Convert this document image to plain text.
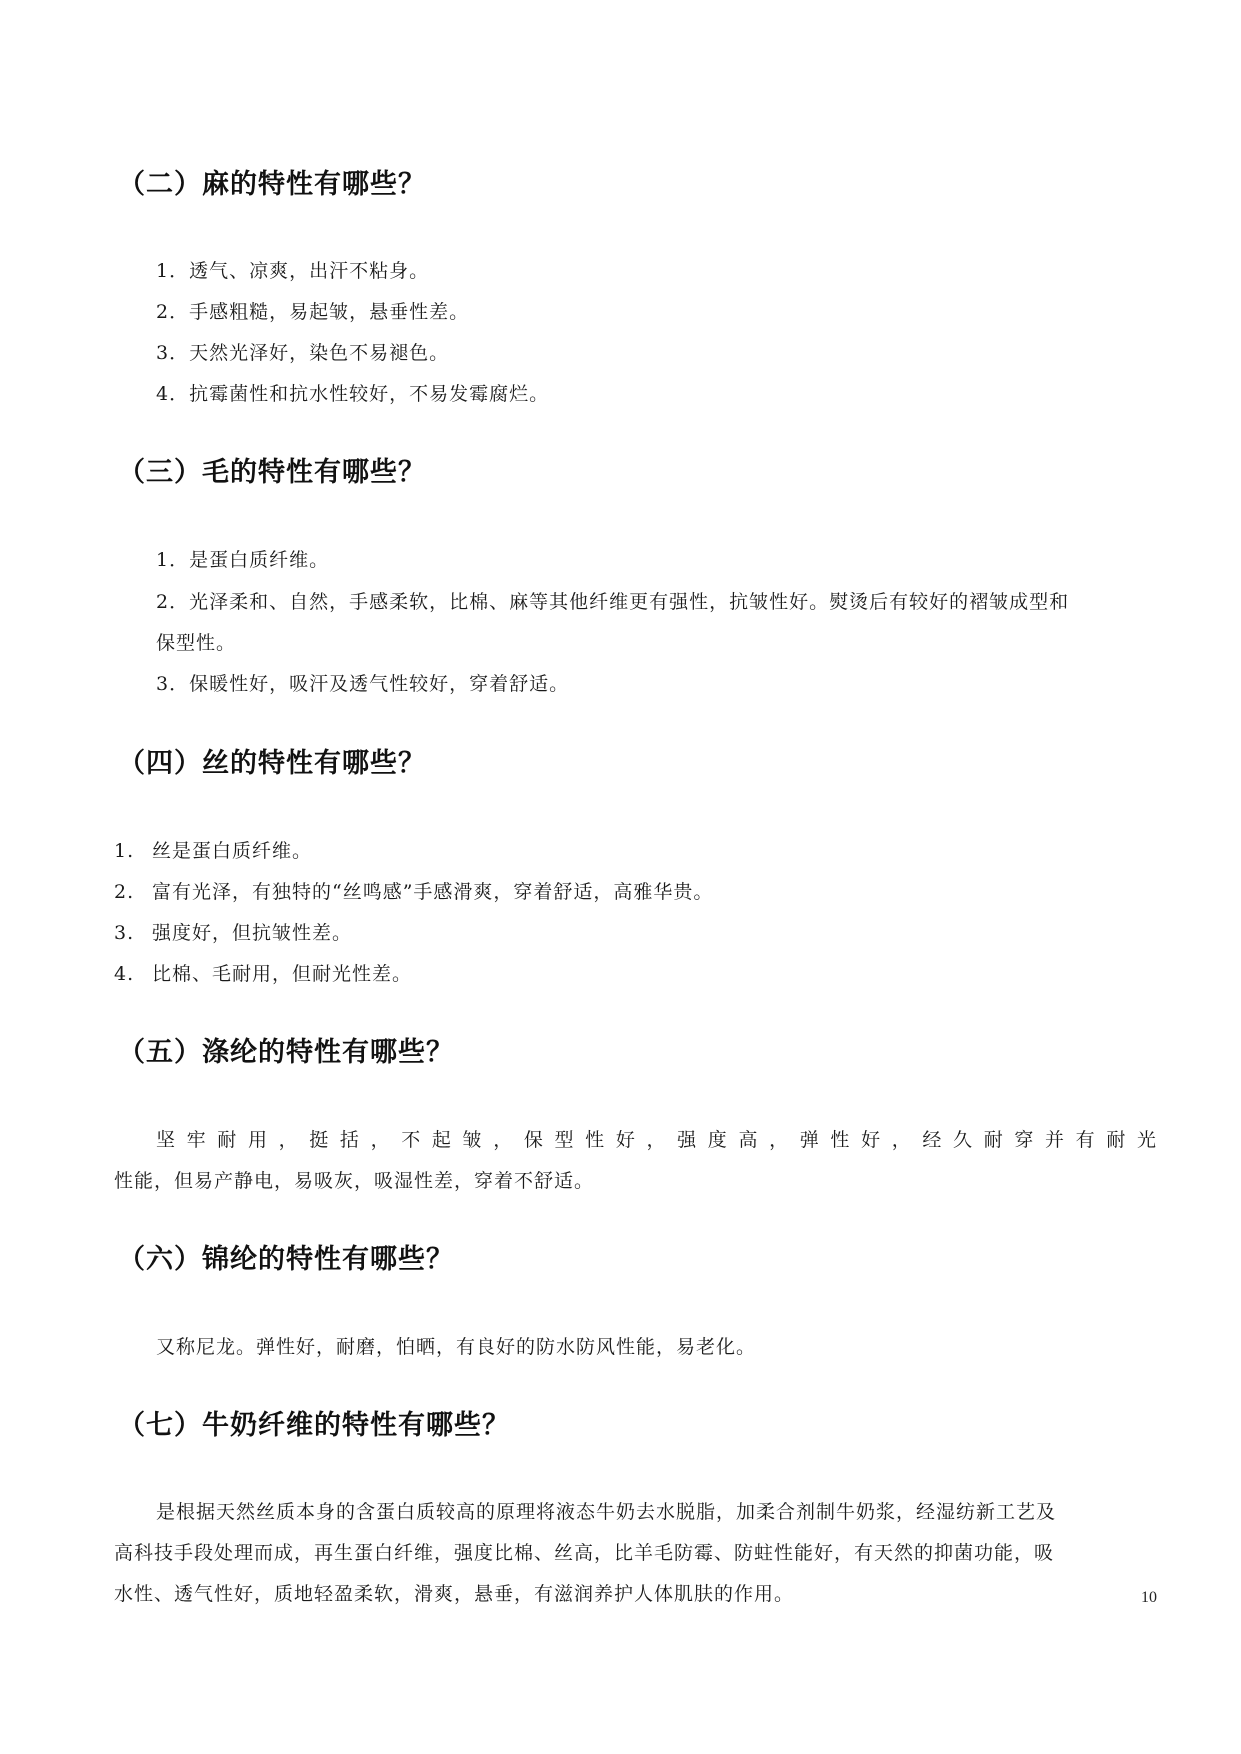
（二）麻的特性有哪些？
1．透气、凉爽，出汗不粘身。
2．手感粗糙，易起皱，悬垂性差。
3．天然光泽好，染色不易褪色。
4．抗霉菌性和抗水性较好，不易发霉腐烂。
（三）毛的特性有哪些？
1．是蛋白质纤维。
2．光泽柔和、自然，手感柔软，比棉、麻等其他纤维更有强性，抗皱性好。熨烫后有较好的褶皱成型和
保型性。
3．保暖性好，吸汗及透气性较好，穿着舒适。
（四）丝的特性有哪些？
1. 丝是蛋白质纤维。
2. 富有光泽，有独特的“丝鸣感”手感滑爽，穿着舒适，高雅华贵。
3. 强度好，但抗皱性差。
4. 比棉、毛耐用，但耐光性差。
（五）涤纶的特性有哪些？
坚牢耐用，挺括，不起皱，保型性好，强度高，弹性好，经久耐穿并有耐光
性能，但易产静电，易吸灰，吸湿性差，穿着不舒适。
（六）锦纶的特性有哪些？
又称尼龙。弹性好，耐磨，怕晒，有良好的防水防风性能，易老化。
（七）牛奶纤维的特性有哪些？
是根据天然丝质本身的含蛋白质较高的原理将液态牛奶去水脱脂，加柔合剂制牛奶浆，经湿纺新工艺及
高科技手段处理而成，再生蛋白纤维，强度比棉、丝高，比羊毛防霉、防蛀性能好，有天然的抑菌功能，吸
水性、透气性好，质地轻盈柔软，滑爽，悬垂，有滋润养护人体肌肤的作用。	10
